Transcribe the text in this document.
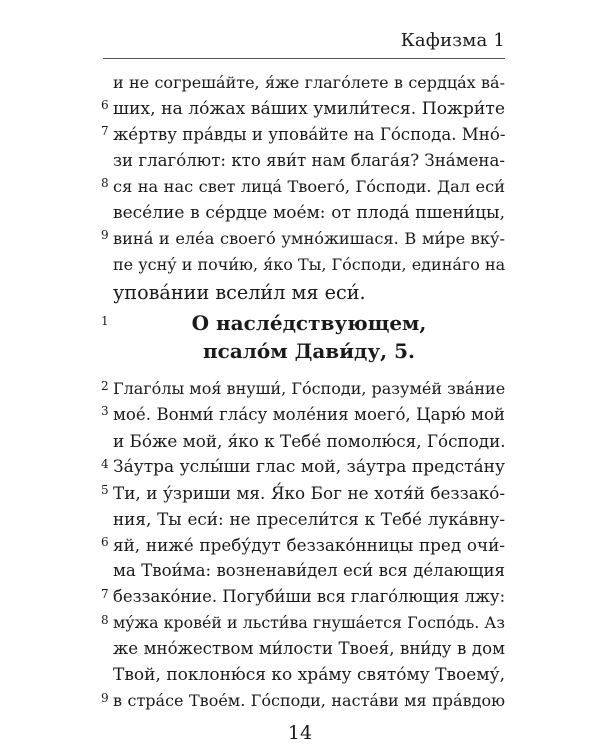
Кафизма 1
и не согреша́йте, я́же глаго́лете в сердца́х ва́-
ших, на ло́жах ва́ших умили́теся. Пожри́те
6
же́ртву пра́вды и упова́йте на Го́спода. Мно́-
7
зи глаго́лют: кто яви́т нам блага́я? Зна́мена-
ся на нас свет лица́ Твоего́, Го́споди. Дал еси́
8
весе́лие в се́рдце мое́м: от плода́ пшени́цы,
вина́ и еле́а своего́ умно́жишася. В ми́ре вку́-
9
пе усну́ и почи́ю, я́ко Ты, Го́споди, едина́го на
упова́нии всели́л мя еси́.
1	О насле́дствующем,
псало́м Дави́ду, 5.
Глаго́лы моя́ внуши́, Го́споди, разуме́й зва́ние
2
мое́. Вонми́ гла́су моле́ния моего́, Царю́ мой
3
и Бо́же мой, я́ко к Тебе́ помолю́ся, Го́споди.
За́утра услы́ши глас мой, за́утра предста́ну
4
Ти, и у́зриши мя. Я́ко Бог не хотя́й беззако́-
5
ния, Ты еси́: не пресели́тся к Тебе́ лука́вну-
яй, ниже́ пребу́дут беззако́нницы пред очи́-
6
ма Твои́ма: возненави́дел еси́ вся де́лающия
беззако́ние. Погуби́ши вся глаго́лющия лжу:
7
му́жа крове́й и льсти́ва гнуша́ется Госпо́дь. Аз
8
же мно́жеством ми́лости Твоея́, вни́ду в дом
Твой, поклоню́ся ко хра́му свято́му Твоему́,
в стра́се Твое́м. Го́споди, наста́ви мя пра́вдою
9
14
